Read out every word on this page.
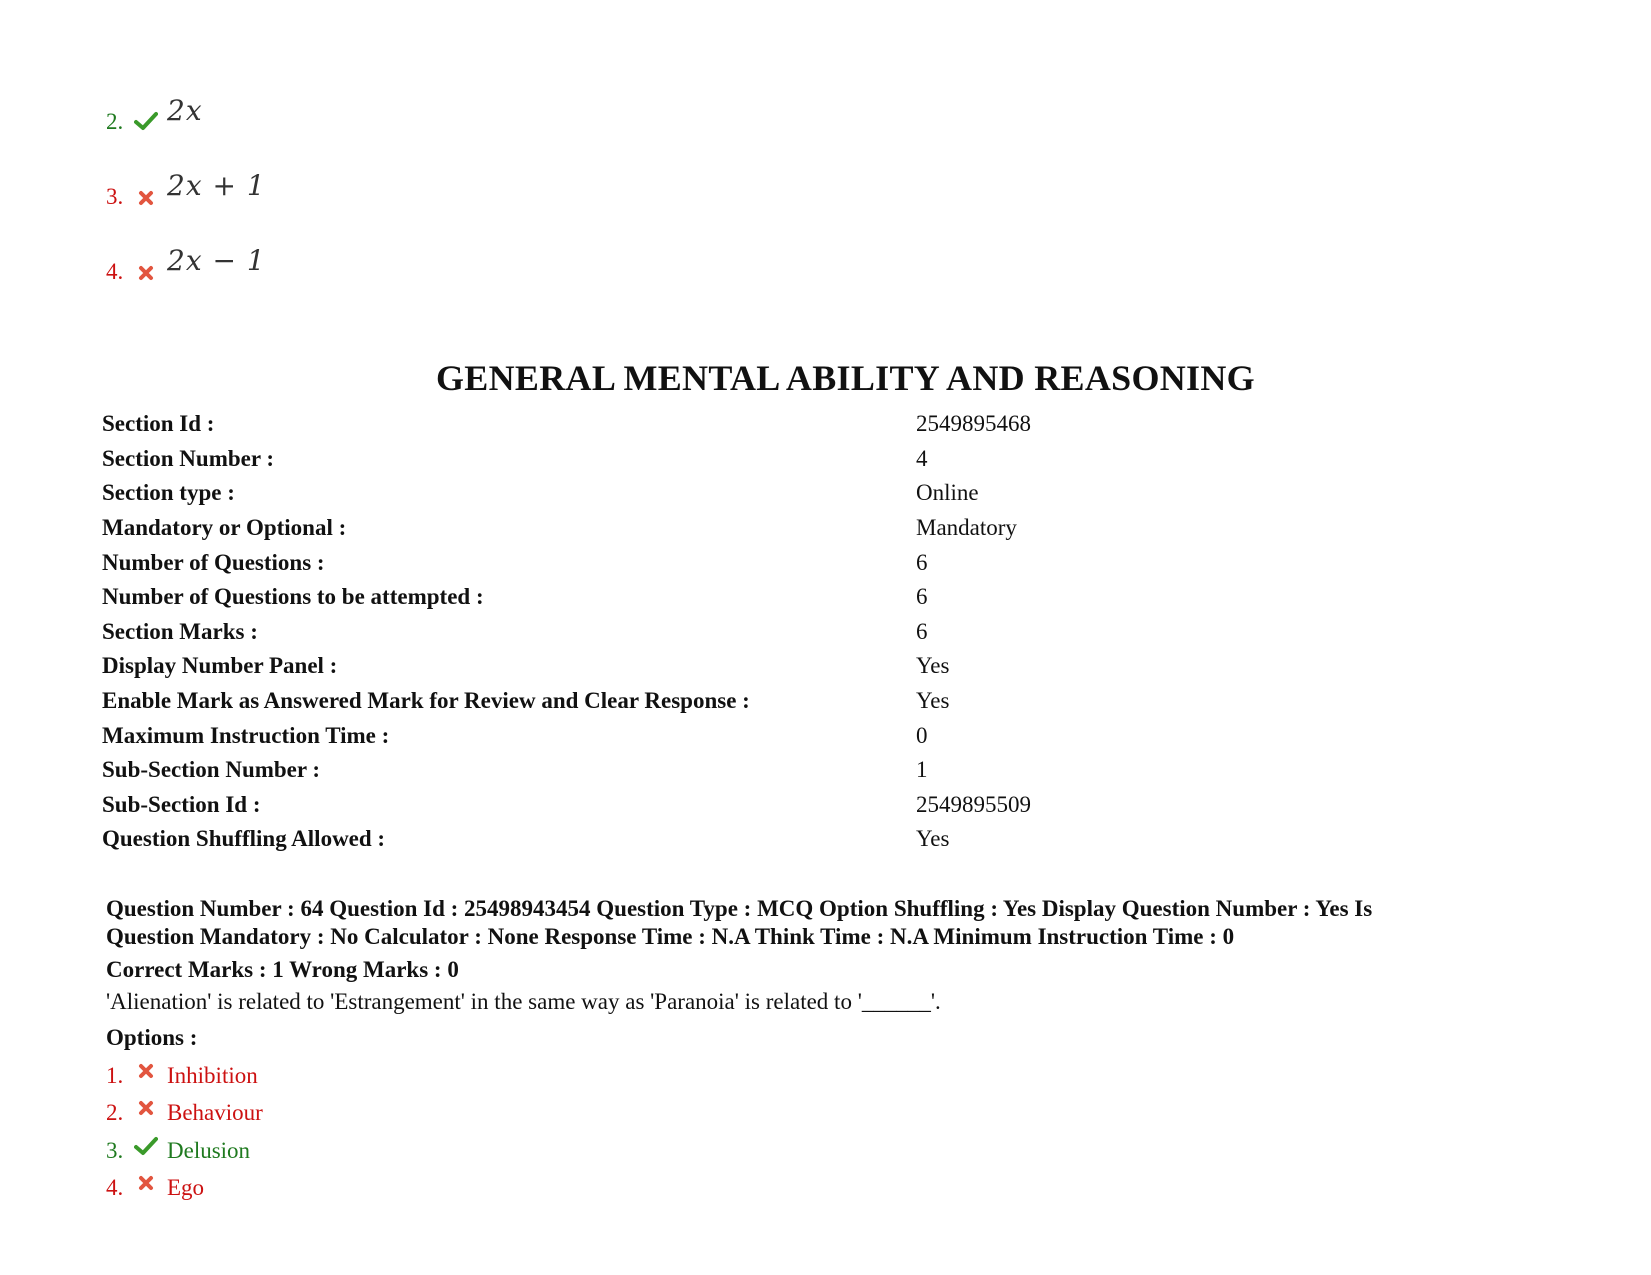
2. 2x
3. 2x + 1
4. 2x − 1
GENERAL MENTAL ABILITY AND REASONING
Section Id :	2549895468
Section Number :	4
Section type :	Online
Mandatory or Optional :	Mandatory
Number of Questions :	6
Number of Questions to be attempted :	6
Section Marks :	6
Display Number Panel :	Yes
Enable Mark as Answered Mark for Review and Clear Response :	Yes
Maximum Instruction Time :	0
Sub-Section Number :	1
Sub-Section Id :	2549895509
Question Shuffling Allowed :	Yes
Question Number : 64 Question Id : 25498943454 Question Type : MCQ Option Shuffling : Yes Display Question Number : Yes Is
Question Mandatory : No Calculator : None Response Time : N.A Think Time : N.A Minimum Instruction Time : 0
Correct Marks : 1 Wrong Marks : 0
'Alienation' is related to 'Estrangement' in the same way as 'Paranoia' is related to '______'.
Options :
1.	Inhibition
2.	Behaviour
3.	Delusion
4.	Ego
